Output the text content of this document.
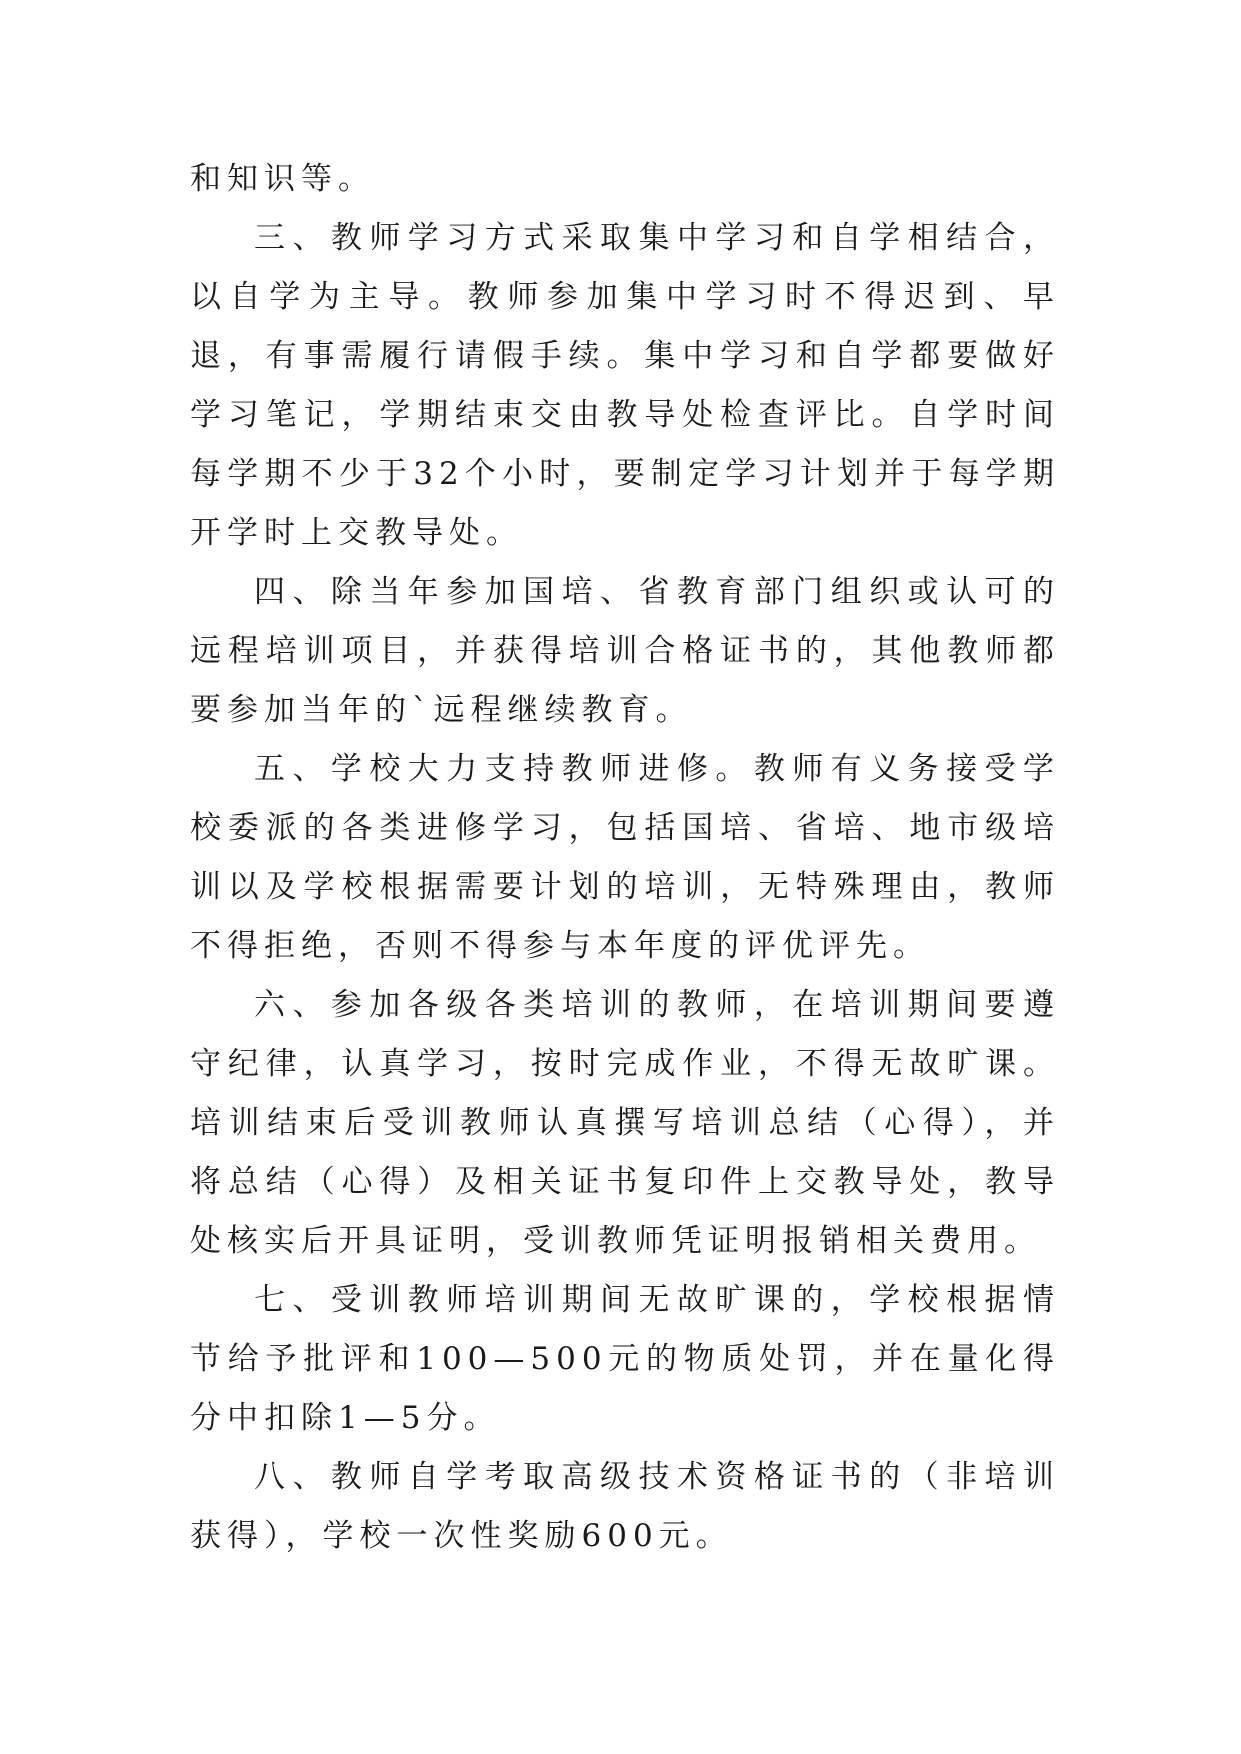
和知识等。

三、教师学习方式采取集中学习和自学相结合，以自学为主导。教师参加集中学习时不得迟到、早退，有事需履行请假手续。集中学习和自学都要做好学习笔记，学期结束交由教导处检查评比。自学时间每学期不少于32个小时，要制定学习计划并于每学期开学时上交教导处。

四、除当年参加国培、省教育部门组织或认可的远程培训项目，并获得培训合格证书的，其他教师都要参加当年的`远程继续教育。

五、学校大力支持教师进修。教师有义务接受学校委派的各类进修学习，包括国培、省培、地市级培训以及学校根据需要计划的培训，无特殊理由，教师不得拒绝，否则不得参与本年度的评优评先。

六、参加各级各类培训的教师，在培训期间要遵守纪律，认真学习，按时完成作业，不得无故旷课。培训结束后受训教师认真撰写培训总结（心得），并将总结（心得）及相关证书复印件上交教导处，教导处核实后开具证明，受训教师凭证明报销相关费用。

七、受训教师培训期间无故旷课的，学校根据情节给予批评和100—500元的物质处罚，并在量化得分中扣除1—5分。

八、教师自学考取高级技术资格证书的（非培训获得），学校一次性奖励600元。
